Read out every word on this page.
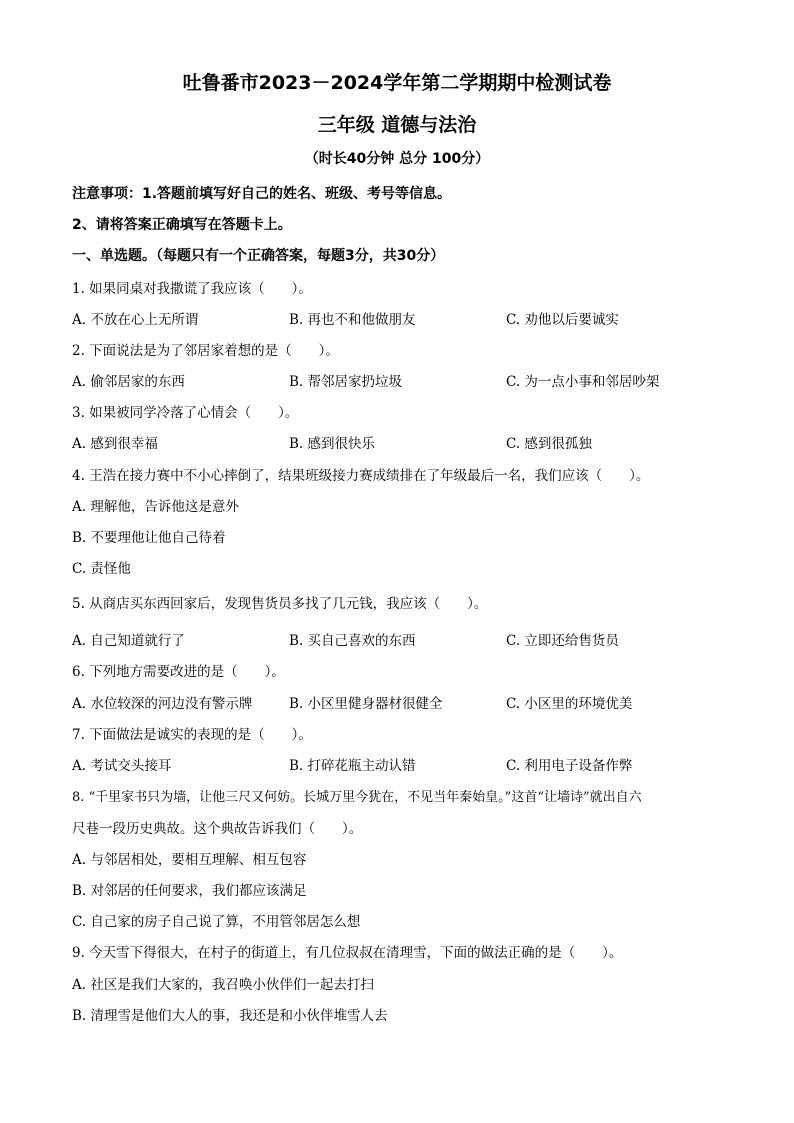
吐鲁番市2023－2024学年第二学期期中检测试卷
三年级 道德与法治
（时长40分钟 总分 100分）
注意事项：1.答题前填写好自己的姓名、班级、考号等信息。
2、请将答案正确填写在答题卡上。
一、单选题。（每题只有一个正确答案，每题3分，共30分）
1. 如果同桌对我撒谎了我应该（　　）。
A. 不放在心上无所谓	B. 再也不和他做朋友	C. 劝他以后要诚实
2. 下面说法是为了邻居家着想的是（　　）。
A. 偷邻居家的东西	B. 帮邻居家扔垃圾	C. 为一点小事和邻居吵架
3. 如果被同学冷落了心情会（　　）。
A. 感到很幸福	B. 感到很快乐	C. 感到很孤独
4. 王浩在接力赛中不小心摔倒了，结果班级接力赛成绩排在了年级最后一名，我们应该（　　）。
A. 理解他，告诉他这是意外
B. 不要理他让他自己待着
C. 责怪他
5. 从商店买东西回家后，发现售货员多找了几元钱，我应该（　　）。
A. 自己知道就行了	B. 买自己喜欢的东西	C. 立即还给售货员
6. 下列地方需要改进的是（　　）。
A. 水位较深的河边没有警示牌	B. 小区里健身器材很健全	C. 小区里的环境优美
7. 下面做法是诚实的表现的是（　　）。
A. 考试交头接耳	B. 打碎花瓶主动认错	C. 利用电子设备作弊
8. “千里家书只为墙，让他三尺又何妨。长城万里今犹在，不见当年秦始皇。”这首“让墙诗”就出自六
尺巷一段历史典故。这个典故告诉我们（　　）。
A. 与邻居相处，要相互理解、相互包容
B. 对邻居的任何要求，我们都应该满足
C. 自己家的房子自己说了算，不用管邻居怎么想
9. 今天雪下得很大，在村子的街道上，有几位叔叔在清理雪，下面的做法正确的是（　　）。
A. 社区是我们大家的，我召唤小伙伴们一起去打扫
B. 清理雪是他们大人的事，我还是和小伙伴堆雪人去
